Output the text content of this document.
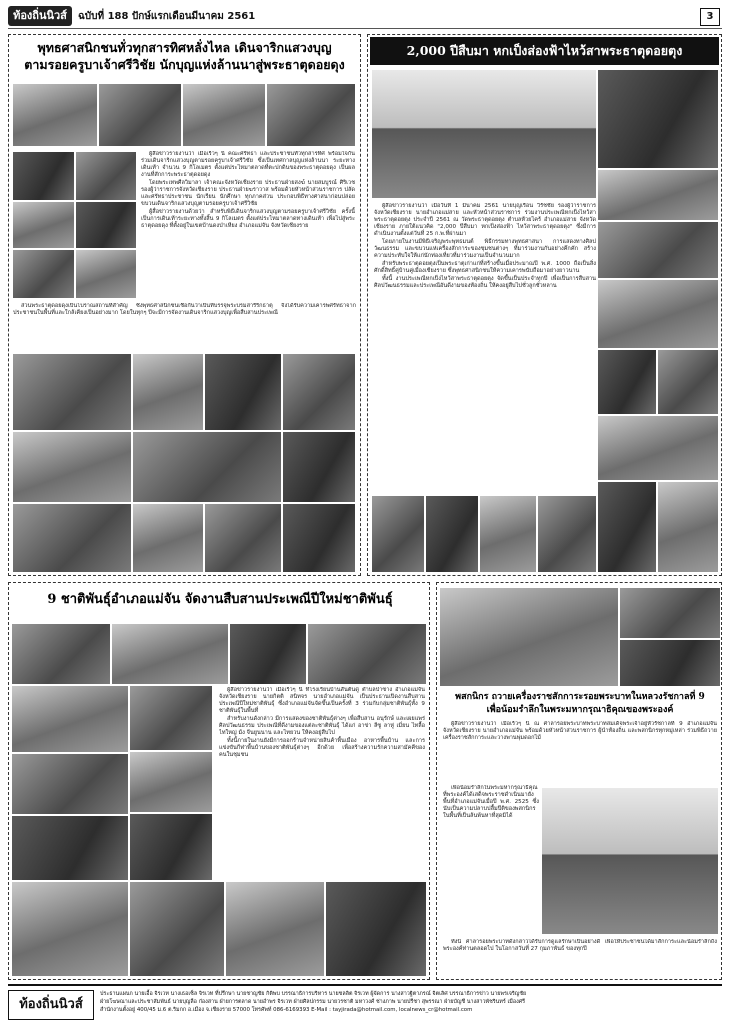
ท้องถิ่นนิวส์	ฉบับที่ 188 ปักษ์แรกเดือนมีนาคม 2561	3
พุทธศาสนิกชนทั่วทุกสารทิศหลั่งไหล เดินจาริกแสวงบุญ
ตามรอยครูบาเจ้าศรีวิชัย นักบุญแห่งล้านนาสู่พระธาตุดอยดุง

ผู้สื่อข่าวรายงานว่า เมื่อเร็วๆ นี้ คณะศรัทธา และประชาชนทั่วทุกสารทิศ พร้อมใจกันร่วมเดินจาริกแสวงบุญตามรอยครูบาเจ้าศรีวิชัย ซึ่งเป็นเทศกาลบุญแห่งล้านนา ระยะทางเดินเท้า จำนวน 9 กิโลเมตร ตั้งแต่ประไหมาตลาดที่ตะปกดินของพระธาตุดอยดุง เป็นผลงานที่สักการะพระธาตุดอยดุง

โดยพระเทพศีลวิมาลา เจ้าคณะจังหวัดเชียงราย ประธานฝ่ายสงฆ์ นายสมบูรณ์ ศิริเวช รองผู้ว่าราชการจังหวัดเชียงราย ประธานฝ่ายฆราวาส พร้อมด้วยหัวหน้าส่วนราชการ ปลัดและศรัทธาประชาชน นักเรียน นักศึกษา ทุกภาคส่วน ประกอบพิธีทางศาสนาก่อนปล่อยขบวนเดินจาริกแสวงบุญตามรอยครูบาเจ้าศรีวิชัย

ผู้สื่อข่าวรายงานด้วยว่า สำหรับพิธีเดินจาริกแสวงบุญตามรอยครูบาเจ้าศรีวิชัย ครั้งนี้เป็นการเดินเท้าระยะทางทั้งสิ้น 9 กิโลเมตร ตั้งแต่ประไหมาตลาดทางเดินเท้า เพื่อไปสู่พระธาตุดอยดุง ที่ตั้งอยู่ในเขตบ้านดงป่าเหียง อำเภอแม่จัน จังหวัดเชียงราย

ส่วนพระธาตุดอยดุงเป็นโบราณสถานที่สำคัญ ซึ่งพุทธศาสนิกชนเชื่อกันว่าเป็นที่บรรจุพระบรมสารีริกธาตุ จึงได้รับความเคารพศรัทธาจากประชาชนในพื้นที่และใกล้เคียงเป็นอย่างมาก โดยในทุกๆ ปีจะมีการจัดงานเดินจาริกแสวงบุญเพื่อสืบสานประเพณี

2,000 ปีสืบมา หกเป็งส่องฟ้าไหว้สาพระธาตุดอยตุง

ผู้สื่อข่าวรายงานว่า เมื่อวันที่ 1 มีนาคม 2561 นายบุญเรือน วิรัชชัย รองผู้ว่าราชการจังหวัดเชียงราย นายอำเภอแม่สาย และหัวหน้าส่วนราชการ ร่วมงานประเพณีหกเป็งไหว้สาพระธาตุดอยตุง ประจำปี 2561 ณ วัดพระธาตุดอยตุง ตำบลห้วยไคร้ อำเภอแม่สาย จังหวัดเชียงราย ภายใต้แนวคิด "2,000 ปีสืบมา หกเป็งส่องฟ้า ไหว้สาพระธาตุดอยตุง" ซึ่งมีการดำเนินงานตั้งแต่วันที่ 25 ก.พ.ที่ผ่านมา

โดยภายในงานมีพิธีเจริญพระพุทธมนต์ พิธีกรรมทางพุทธศาสนา การแสดงทางศิลปวัฒนธรรม และขบวนแห่เครื่องสักการะของชุมชนต่างๆ ที่มาร่วมงานกันอย่างคึกคัก สร้างความประทับใจให้แก่นักท่องเที่ยวที่มาร่วมงานเป็นจำนวนมาก

สำหรับพระธาตุดอยตุงเป็นพระธาตุเก่าแก่ที่สร้างขึ้นเมื่อประมาณปี พ.ศ. 1000 ถือเป็นสิ่งศักดิ์สิทธิ์คู่บ้านคู่เมืองเชียงราย ซึ่งพุทธศาสนิกชนให้ความเคารพนับถือมาอย่างยาวนาน

ทั้งนี้ งานประเพณีหกเป็งไหว้สาพระธาตุดอยตุง จัดขึ้นเป็นประจำทุกปี เพื่อเป็นการสืบสานศิลปวัฒนธรรมและประเพณีอันดีงามของท้องถิ่น ให้คงอยู่สืบไปชั่วลูกชั่วหลาน

9 ชาติพันธุ์อำเภอแม่จัน จัดงานสืบสานประเพณีปีใหม่ชาติพันธุ์

ผู้สื่อข่าวรายงานว่า เมื่อเร็วๆ นี้ ที่โรงเรียนบ้านสันต้นดู่ ตำบลป่าซาง อำเภอแม่จัน จังหวัดเชียงราย นายกิตติ สนิทจร นายอำเภอแม่จัน เป็นประธานเปิดงานสืบสานประเพณีปีใหม่ชาติพันธุ์ ซึ่งอำเภอแม่จันจัดขึ้นเป็นครั้งที่ 3 ร่วมกับกลุ่มชาติพันธุ์ทั้ง 9 ชาติพันธุ์ในพื้นที่

สำหรับงานดังกล่าว มีการแสดงของชาติพันธุ์ต่างๆ เพื่อสืบสาน อนุรักษ์ และเผยแพร่ศิลปวัฒนธรรม ประเพณีที่ดีงามของแต่ละชาติพันธุ์ ได้แก่ อาข่า ลีซู ลาหู่ เมี่ยน ไทลื้อ ไทใหญ่ ม้ง จีนยูนนาน และไทยวน ให้คงอยู่สืบไป

ทั้งนี้ภายในงานยังมีการออกร้านจำหน่ายสินค้าพื้นเมือง อาหารพื้นบ้าน และการแข่งขันกีฬาพื้นบ้านของชาติพันธุ์ต่างๆ อีกด้วย เพื่อสร้างความรักความสามัคคีของคนในชุมชน

พสกนิกร ถวายเครื่องราชสักการะรอยพระบาทในหลวงรัชกาลที่ 9
เพื่อน้อมรำลึกในพระมหากรุณาธิคุณของพระองค์

ผู้สื่อข่าวรายงานว่า เมื่อเร็วๆ นี้ ณ ศาลารอยพระบาทพระบาทสมเด็จพระเจ้าอยู่หัวรัชกาลที่ 9 อำเภอแม่จัน จังหวัดเชียงราย นายอำเภอแม่จัน พร้อมด้วยหัวหน้าส่วนราชการ ผู้นำท้องถิ่น และพสกนิกรทุกหมู่เหล่า ร่วมพิธีถวายเครื่องราชสักการะและวางพานพุ่มดอกไม้

เพื่อน้อมรำลึกในพระมหากรุณาธิคุณที่พระองค์ได้เสด็จพระราชดำเนินมายังพื้นที่อำเภอแม่จันเมื่อปี พ.ศ. 2525 ซึ่งนับเป็นความปลาบปลื้มปีติของพสกนิกรในพื้นที่เป็นล้นพ้นหาที่สุดมิได้

ทั้งนี้ ศาลารอยพระบาทดังกล่าวได้รับการดูแลรักษาเป็นอย่างดี เพื่อให้ประชาชนได้มาสักการะและน้อมรำลึกถึงพระองค์ท่านตลอดไป ในโอกาสวันที่ 27 กุมภาพันธ์ ของทุกปี

ท้องถิ่นนิวส์
ประธานแผนก นายเอื้อ จิรเวท นางเธอเซ็ล จิรเวท ที่ปรึกษา นายชาญชัย กิติพบ บรรณาธิการบริหาร นายชลลิต จิรเวท ผู้จัดการ นางสาวฐิตาภรณ์ จิตเลิศ บรรณาธิการข่าว นายพรเจริญชัย
ฝ่ายโฆษณาและประชาสัมพันธ์ นายบุญลือ ก๋องสาน ฝ่ายการตลาด นายอำพร จิรเวท ฝ่ายศิลปกรรม นายวรชาติ มหาวงศ์ ช่างภาพ นายปรีชา สุพรรณา ฝ่ายบัญชี นางสาวพัชรินทร์ เมืองศรี
สำนักงานตั้งอยู่ 400/45 ม.6 ต.ริมกก อ.เมือง จ.เชียงราย 57000 โทรศัพท์ 086-6169393 E-Mail : tayjirada@hotmail.com, localnews_cr@hotmail.com
